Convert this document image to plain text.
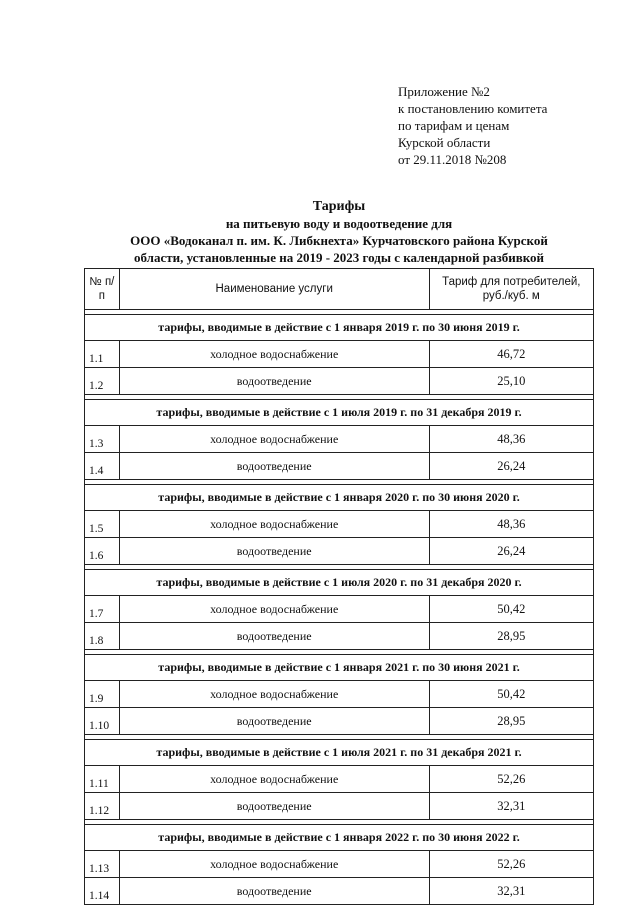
Приложение №2
к постановлению комитета
по тарифам и ценам
Курской области
от 29.11.2018 №208
Тарифы
на питьевую воду и водоотведение для
ООО «Водоканал п. им. К. Либкнехта» Курчатовского района Курской
области, установленные на 2019 - 2023 годы с календарной разбивкой
№ п/п	Наименование услуги	Тариф для потребителей, руб./куб. м

тарифы, вводимые в действие с 1 января 2019 г. по 30 июня 2019 г.		
1.1	холодное водоснабжение	46,72
1.2	водоотведение	25,10

тарифы, вводимые в действие с 1 июля 2019 г. по 31 декабря 2019 г.		
1.3	холодное водоснабжение	48,36
1.4	водоотведение	26,24

тарифы, вводимые в действие с 1 января 2020 г. по 30 июня 2020 г.		
1.5	холодное водоснабжение	48,36
1.6	водоотведение	26,24

тарифы, вводимые в действие с 1 июля 2020 г. по 31 декабря 2020 г.		
1.7	холодное водоснабжение	50,42
1.8	водоотведение	28,95

тарифы, вводимые в действие с 1 января 2021 г. по 30 июня 2021 г.		
1.9	холодное водоснабжение	50,42
1.10	водоотведение	28,95

тарифы, вводимые в действие с 1 июля 2021 г. по 31 декабря 2021 г.		
1.11	холодное водоснабжение	52,26
1.12	водоотведение	32,31

тарифы, вводимые в действие с 1 января 2022 г. по 30 июня 2022 г.		
1.13	холодное водоснабжение	52,26
1.14	водоотведение	32,31
